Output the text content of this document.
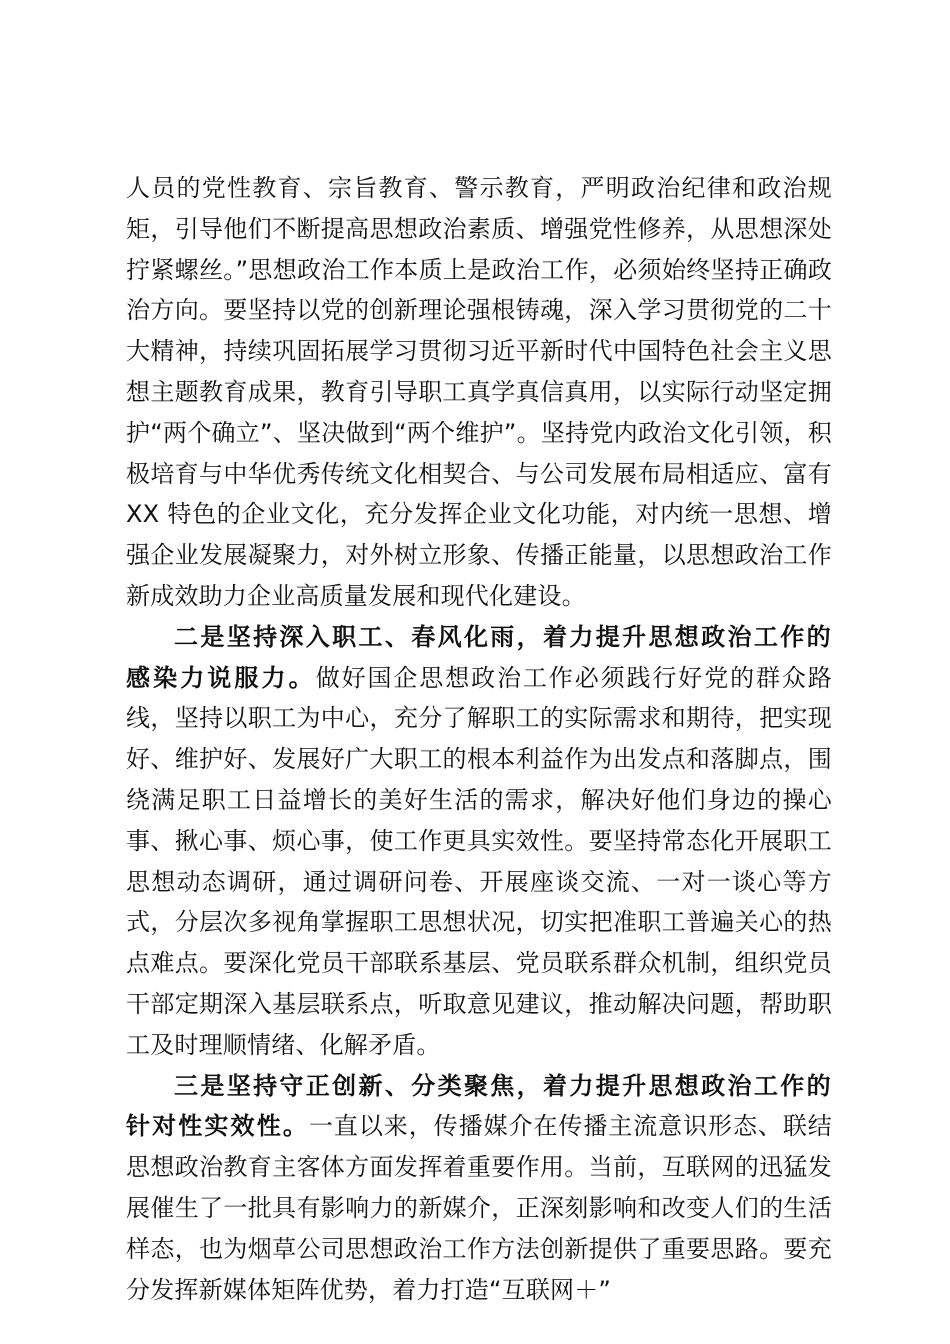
人员的党性教育、宗旨教育、警示教育，严明政治纪律和政治规矩，引导他们不断提高思想政治素质、增强党性修养，从思想深处拧紧螺丝。”思想政治工作本质上是政治工作，必须始终坚持正确政治方向。要坚持以党的创新理论强根铸魂，深入学习贯彻党的二十大精神，持续巩固拓展学习贯彻习近平新时代中国特色社会主义思想主题教育成果，教育引导职工真学真信真用，以实际行动坚定拥护“两个确立”、坚决做到“两个维护”。坚持党内政治文化引领，积极培育与中华优秀传统文化相契合、与公司发展布局相适应、富有 XX 特色的企业文化，充分发挥企业文化功能，对内统一思想、增强企业发展凝聚力，对外树立形象、传播正能量，以思想政治工作新成效助力企业高质量发展和现代化建设。

二是坚持深入职工、春风化雨，着力提升思想政治工作的感染力说服力。做好国企思想政治工作必须践行好党的群众路线，坚持以职工为中心，充分了解职工的实际需求和期待，把实现好、维护好、发展好广大职工的根本利益作为出发点和落脚点，围绕满足职工日益增长的美好生活的需求，解决好他们身边的操心事、揪心事、烦心事，使工作更具实效性。要坚持常态化开展职工思想动态调研，通过调研问卷、开展座谈交流、一对一谈心等方式，分层次多视角掌握职工思想状况，切实把准职工普遍关心的热点难点。要深化党员干部联系基层、党员联系群众机制，组织党员干部定期深入基层联系点，听取意见建议，推动解决问题，帮助职工及时理顺情绪、化解矛盾。

三是坚持守正创新、分类聚焦，着力提升思想政治工作的针对性实效性。一直以来，传播媒介在传播主流意识形态、联结思想政治教育主客体方面发挥着重要作用。当前，互联网的迅猛发展催生了一批具有影响力的新媒介，正深刻影响和改变人们的生活样态，也为烟草公司思想政治工作方法创新提供了重要思路。要充分发挥新媒体矩阵优势，着力打造“互联网＋”
